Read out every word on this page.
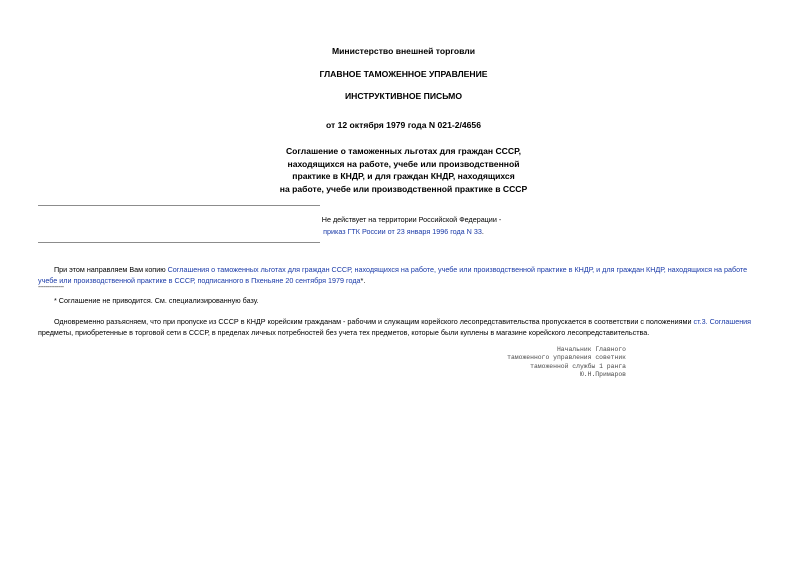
Министерство внешней торговли
ГЛАВНОЕ ТАМОЖЕННОЕ УПРАВЛЕНИЕ
ИНСТРУКТИВНОЕ ПИСЬМО
от 12 октября 1979 года N 021-2/4656
Соглашение о таможенных льготах для граждан СССР,
находящихся на работе, учебе или производственной
практике в КНДР, и для граждан КНДР, находящихся
на работе, учебе или производственной практике в СССР
Не действует на территории Российской Федерации -
приказ ГТК России от 23 января 1996 года N 33.
При этом направляем Вам копию Соглашения о таможенных льготах для граждан СССР, находящихся на работе, учебе или производственной практике в КНДР, и для граждан КНДР, находящихся на работе
учебе или производственной практике в СССР, подписанного в Пхеньяне 20 сентября 1979 года*.
--------------
* Соглашение не приводится. См. специализированную базу.
Одновременно разъясняем, что при пропуске из СССР в КНДР корейским гражданам - рабочим и служащим корейского лесопредставительства пропускается в соответствии с положениями ст.3. Соглашения
предметы, приобретенные в торговой сети в СССР, в пределах личных потребностей без учета тех предметов, которые были куплены в магазине корейского лесопредставительства.
Начальник Главного
таможенного управления советник
таможенной службы 1 ранга
Ю.Н.Примаров
